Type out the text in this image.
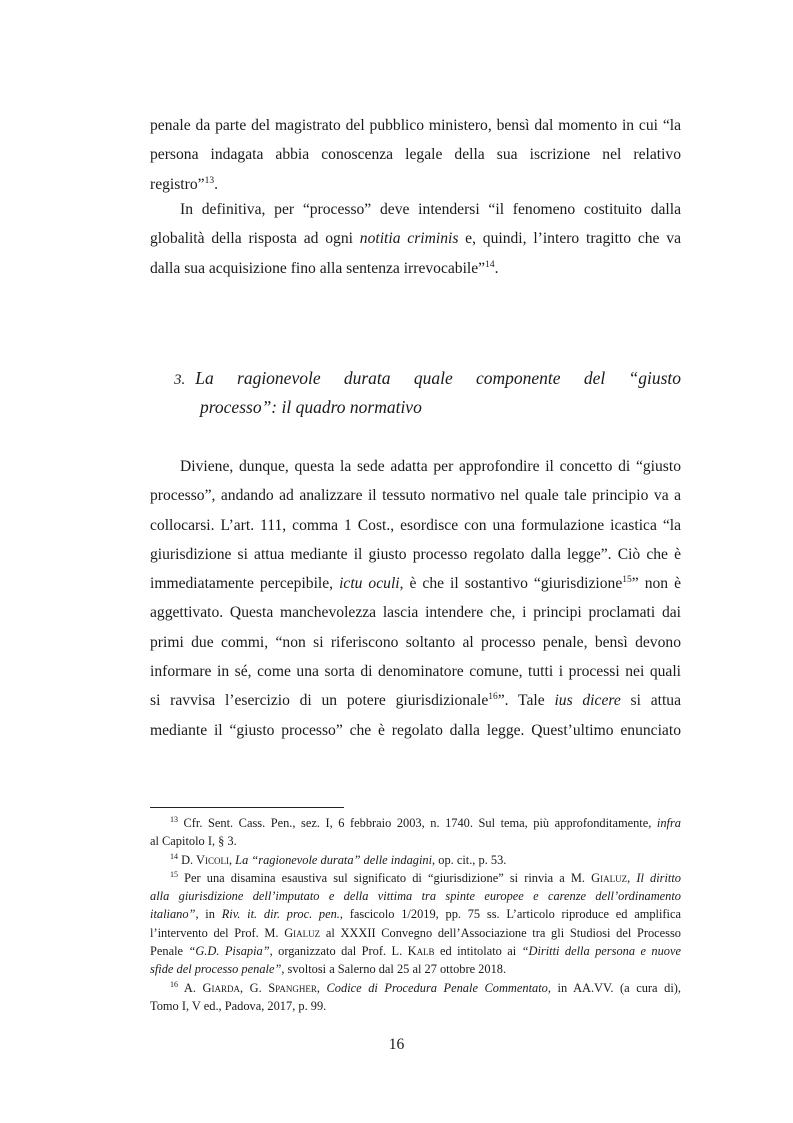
penale da parte del magistrato del pubblico ministero, bensì dal momento in cui “la
persona indagata abbia conoscenza legale della sua iscrizione nel relativo
registro”$^{13}$.
In definitiva, per “processo” deve intendersi “il fenomeno costituito dalla
globalità della risposta ad ogni notitia criminis e, quindi, l’intero tragitto che va
dalla sua acquisizione fino alla sentenza irrevocabile”$^{14}$.
3. La ragionevole durata quale componente del “giusto
processo”: il quadro normativo
Diviene, dunque, questa la sede adatta per approfondire il concetto di “giusto
processo”, andando ad analizzare il tessuto normativo nel quale tale principio va a
collocarsi. L’art. 111, comma 1 Cost., esordisce con una formulazione icastica “la
giurisdizione si attua mediante il giusto processo regolato dalla legge”. Ciò che è
immediatamente percepibile, ictu oculi, è che il sostantivo “giurisdizione$^{15}$” non è
aggettivato. Questa manchevolezza lascia intendere che, i principi proclamati dai
primi due commi, “non si riferiscono soltanto al processo penale, bensì devono
informare in sé, come una sorta di denominatore comune, tutti i processi nei quali
si ravvisa l’esercizio di un potere giurisdizionale$^{16}$”. Tale ius dicere si attua
mediante il “giusto processo” che è regolato dalla legge. Quest’ultimo enunciato
$^{13}$ Cfr. Sent. Cass. Pen., sez. I, 6 febbraio 2003, n. 1740. Sul tema, più approfonditamente, infra
al Capitolo I, § 3.
$^{14}$ D. Vicoli, La “ragionevole durata” delle indagini, op. cit., p. 53.
$^{15}$ Per una disamina esaustiva sul significato di “giurisdizione” si rinvia a M. Gialuz, Il diritto
alla giurisdizione dell’imputato e della vittima tra spinte europee e carenze dell’ordinamento
italiano”, in Riv. it. dir. proc. pen., fascicolo 1/2019, pp. 75 ss. L’articolo riproduce ed amplifica
l’intervento del Prof. M. Gialuz al XXXII Convegno dell’Associazione tra gli Studiosi del Processo
Penale “G.D. Pisapia”, organizzato dal Prof. L. Kalb ed intitolato ai “Diritti della persona e nuove
sfide del processo penale”, svoltosi a Salerno dal 25 al 27 ottobre 2018.
$^{16}$ A. Giarda, G. Spangher, Codice di Procedura Penale Commentato, in AA.VV. (a cura di),
Tomo I, V ed., Padova, 2017, p. 99.
16
